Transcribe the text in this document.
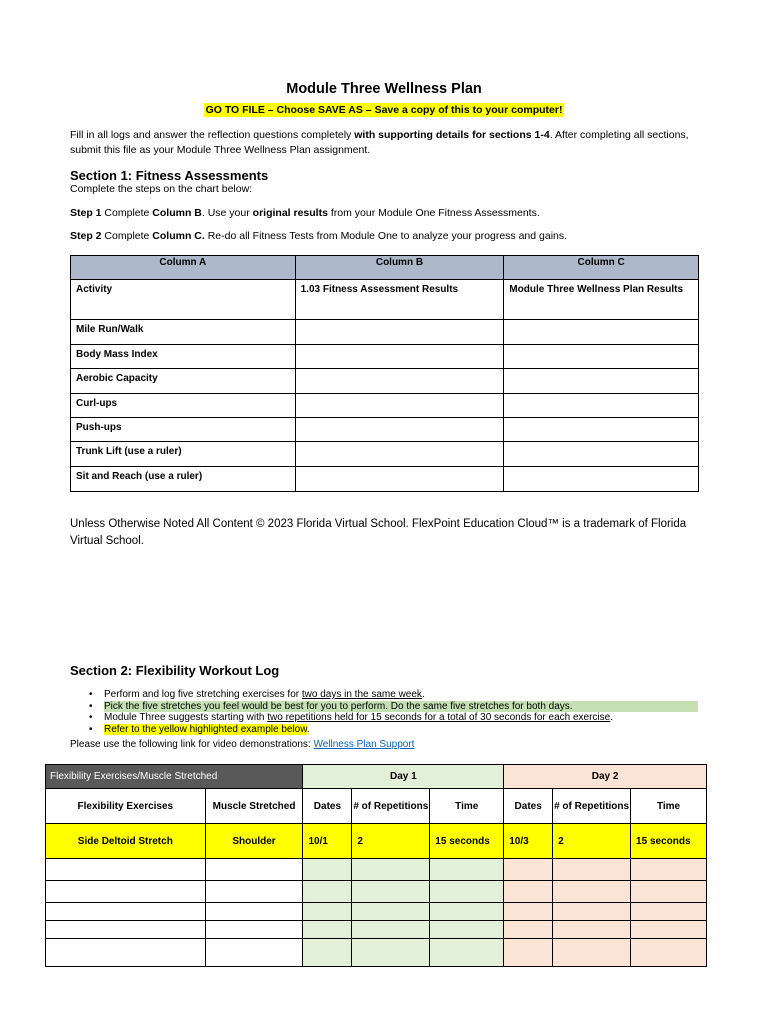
Module Three Wellness Plan
GO TO FILE – Choose SAVE AS – Save a copy of this to your computer!
Fill in all logs and answer the reflection questions completely with supporting details for sections 1-4. After completing all sections, submit this file as your Module Three Wellness Plan assignment.
Section 1: Fitness Assessments
Complete the steps on the chart below:
Step 1 Complete Column B. Use your original results from your Module One Fitness Assessments.
Step 2 Complete Column C. Re-do all Fitness Tests from Module One to analyze your progress and gains.
Column A	Column B	Column C
Activity	1.03 Fitness Assessment Results	Module Three Wellness Plan Results
Mile Run/Walk		
Body Mass Index		
Aerobic Capacity		
Curl-ups		
Push-ups		
Trunk Lift (use a ruler)		
Sit and Reach (use a ruler)		
Unless Otherwise Noted All Content © 2023 Florida Virtual School. FlexPoint Education Cloud™ is a trademark of Florida Virtual School.
Section 2: Flexibility Workout Log
• Perform and log five stretching exercises for two days in the same week.
• Pick the five stretches you feel would be best for you to perform. Do the same five stretches for both days.
• Module Three suggests starting with two repetitions held for 15 seconds for a total of 30 seconds for each exercise.
• Refer to the yellow highlighted example below.
Please use the following link for video demonstrations: Wellness Plan Support
Flexibility Exercises/Muscle Stretched		Day 1			Day 2		
Flexibility Exercises	Muscle Stretched	Dates	# of Repetitions	Time	Dates	# of Repetitions	Time
Side Deltoid Stretch	Shoulder	10/1	2	15 seconds	10/3	2	15 seconds
